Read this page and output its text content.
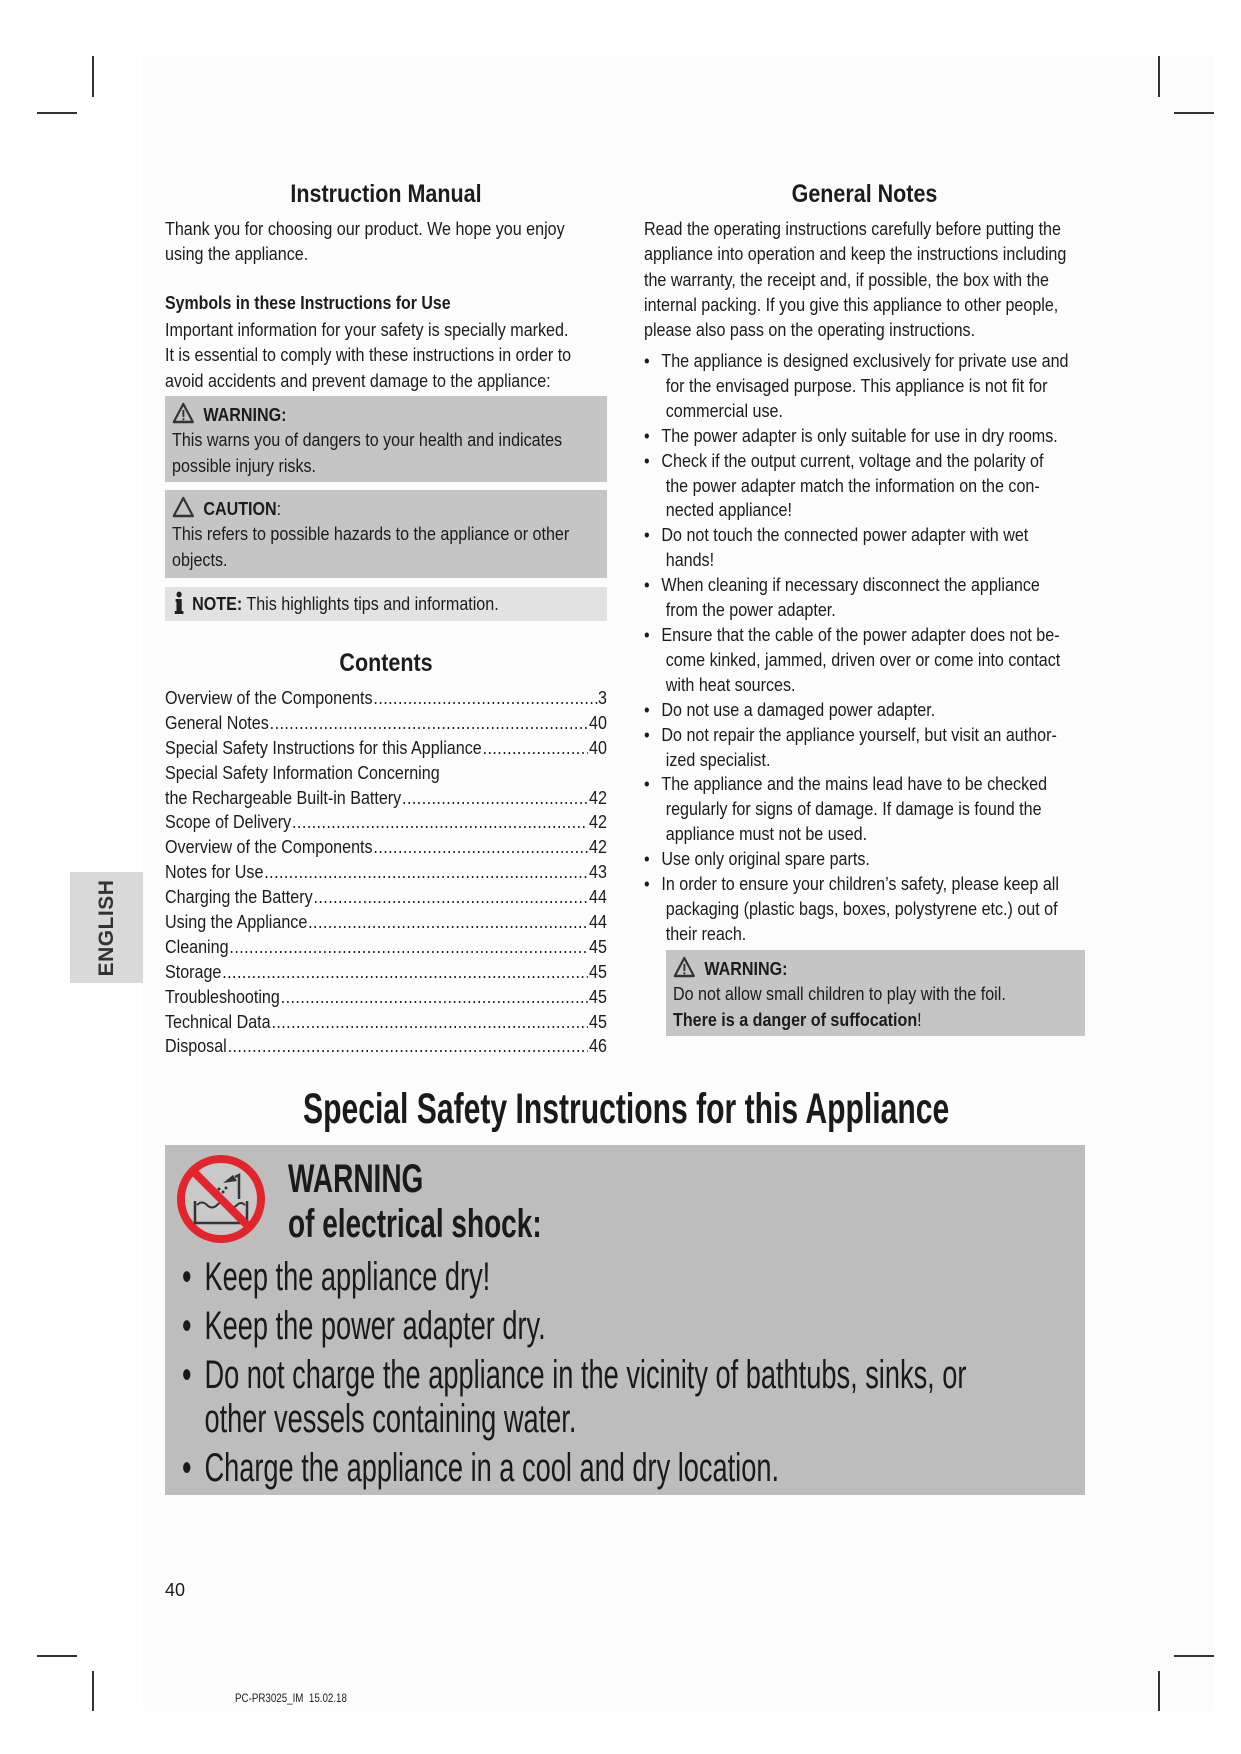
Instruction Manual
Thank you for choosing our product. We hope you enjoy
using the appliance.
Symbols in these Instructions for Use
Important information for your safety is specially marked.
It is essential to comply with these instructions in order to
avoid accidents and prevent damage to the appliance:
WARNING:
This warns you of dangers to your health and indicates
possible injury risks.
CAUTION:
This refers to possible hazards to the appliance or other
objects.
NOTE: This highlights tips and information.
Contents
Overview of the Components .....	3
General Notes .....	40
Special Safety Instructions for this Appliance .....	40
Special Safety Information Concerning
the Rechargeable Built-in Battery .....	42
Scope of Delivery .....	42
Overview of the Components .....	42
Notes for Use .....	43
Charging the Battery .....	44
Using the Appliance .....	44
Cleaning .....	45
Storage .....	45
Troubleshooting .....	45
Technical Data .....	45
Disposal .....	46
ENGLISH
General Notes
Read the operating instructions carefully before putting the
appliance into operation and keep the instructions including
the warranty, the receipt and, if possible, the box with the
internal packing. If you give this appliance to other people,
please also pass on the operating instructions.
• The appliance is designed exclusively for private use and
for the envisaged purpose. This appliance is not fit for
commercial use.
• The power adapter is only suitable for use in dry rooms.
• Check if the output current, voltage and the polarity of
the power adapter match the information on the con-
nected appliance!
• Do not touch the connected power adapter with wet
hands!
• When cleaning if necessary disconnect the appliance
from the power adapter.
• Ensure that the cable of the power adapter does not be-
come kinked, jammed, driven over or come into contact
with heat sources.
• Do not use a damaged power adapter.
• Do not repair the appliance yourself, but visit an author-
ized specialist.
• The appliance and the mains lead have to be checked
regularly for signs of damage. If damage is found the
appliance must not be used.
• Use only original spare parts.
• In order to ensure your children’s safety, please keep all
packaging (plastic bags, boxes, polystyrene etc.) out of
their reach.
WARNING:
Do not allow small children to play with the foil.
There is a danger of suffocation!
Special Safety Instructions for this Appliance
WARNING
of electrical shock:
• Keep the appliance dry!
• Keep the power adapter dry.
• Do not charge the appliance in the vicinity of bathtubs, sinks, or
other vessels containing water.
• Charge the appliance in a cool and dry location.
40
PC-PR3025_IM  15.02.18
